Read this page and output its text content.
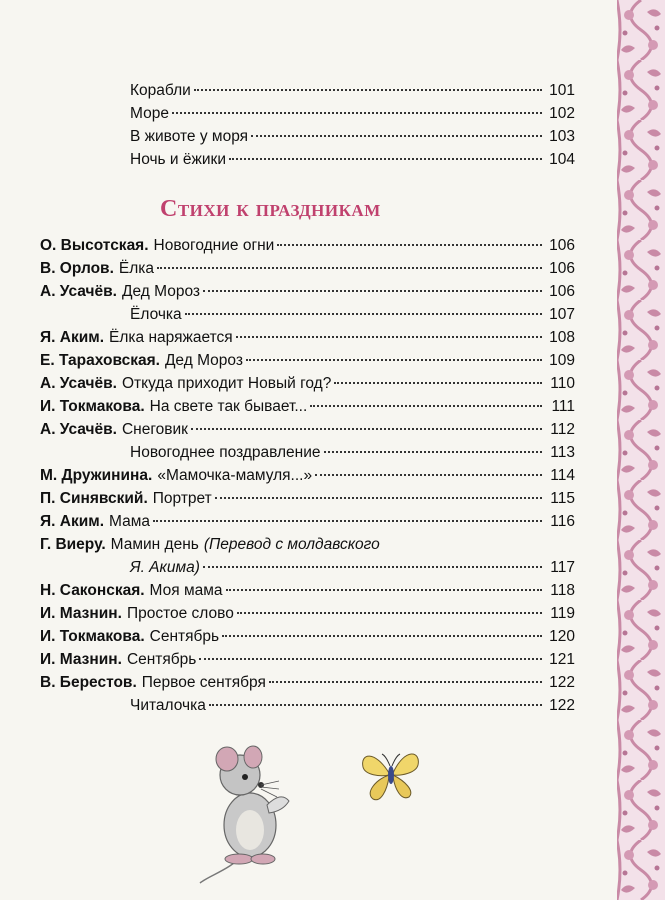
Корабли	101
Море	102
В животе у моря	103
Ночь и ёжики	104
Стихи к праздникам
О. Высотская. Новогодние огни	106
В. Орлов. Ёлка	106
А. Усачёв. Дед Мороз	106
Ёлочка	107
Я. Аким. Ёлка наряжается	108
Е. Тараховская. Дед Мороз	109
А. Усачёв. Откуда приходит Новый год?	110
И. Токмакова. На свете так бывает...	111
А. Усачёв. Снеговик	112
Новогоднее поздравление	113
М. Дружинина. «Мамочка-мамуля...»	114
П. Синявский. Портрет	115
Я. Аким. Мама	116
Г. Виеру. Мамин день (Перевод с молдавского
Я. Акима)	117
Н. Саконская. Моя мама	118
И. Мазнин. Простое слово	119
И. Токмакова. Сентябрь	120
И. Мазнин. Сентябрь	121
В. Берестов. Первое сентября	122
Читалочка	122
